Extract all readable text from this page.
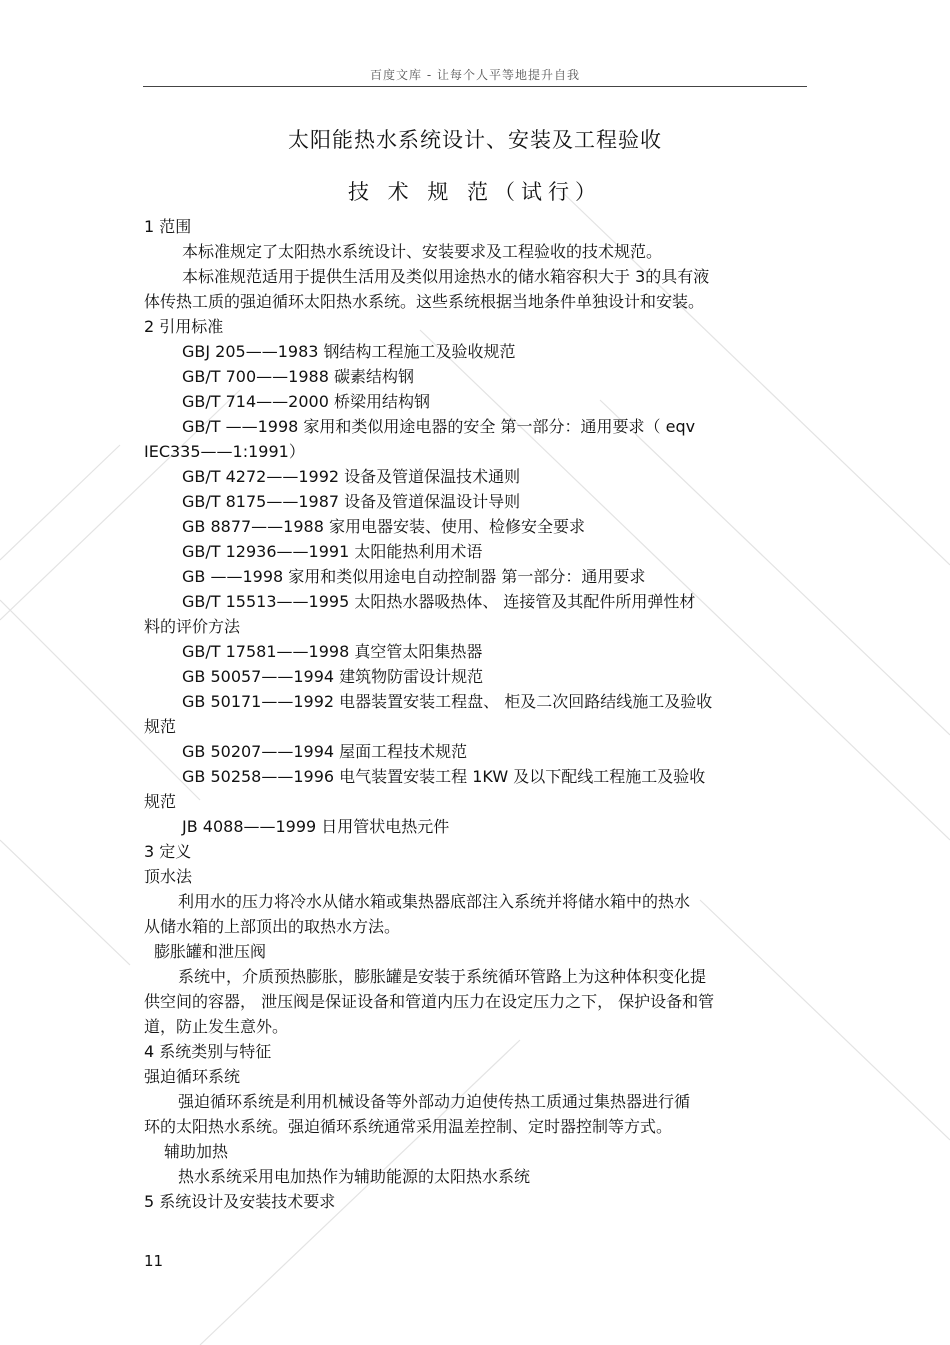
百度文库 - 让每个人平等地提升自我
太阳能热水系统设计、安装及工程验收
技 术 规 范（试行）
1 范围
本标准规定了太阳热水系统设计、安装要求及工程验收的技术规范。
本标准规范适用于提供生活用及类似用途热水的储水箱容积大于 3的具有液
体传热工质的强迫循环太阳热水系统。这些系统根据当地条件单独设计和安装。
2 引用标准
GBJ 205——1983 钢结构工程施工及验收规范
GB/T 700——1988 碳素结构钢
GB/T 714——2000 桥梁用结构钢
GB/T ——1998 家用和类似用途电器的安全 第一部分：通用要求（ eqv
IEC335——1:1991）
GB/T 4272——1992 设备及管道保温技术通则
GB/T 8175——1987 设备及管道保温设计导则
GB 8877——1988 家用电器安装、使用、检修安全要求
GB/T 12936——1991 太阳能热利用术语
GB ——1998 家用和类似用途电自动控制器 第一部分：通用要求
GB/T 15513——1995 太阳热水器吸热体、 连接管及其配件所用弹性材
料的评价方法
GB/T 17581——1998 真空管太阳集热器
GB 50057——1994 建筑物防雷设计规范
GB 50171——1992 电器装置安装工程盘、 柜及二次回路结线施工及验收
规范
GB 50207——1994 屋面工程技术规范
GB 50258——1996 电气装置安装工程 1KW 及以下配线工程施工及验收
规范
JB 4088——1999 日用管状电热元件
3 定义
顶水法
利用水的压力将冷水从储水箱或集热器底部注入系统并将储水箱中的热水
从储水箱的上部顶出的取热水方法。
膨胀罐和泄压阀
系统中，介质预热膨胀，膨胀罐是安装于系统循环管路上为这种体积变化提
供空间的容器， 泄压阀是保证设备和管道内压力在设定压力之下， 保护设备和管
道，防止发生意外。
4 系统类别与特征
强迫循环系统
强迫循环系统是利用机械设备等外部动力迫使传热工质通过集热器进行循
环的太阳热水系统。强迫循环系统通常采用温差控制、定时器控制等方式。
辅助加热
热水系统采用电加热作为辅助能源的太阳热水系统
5 系统设计及安装技术要求
11
